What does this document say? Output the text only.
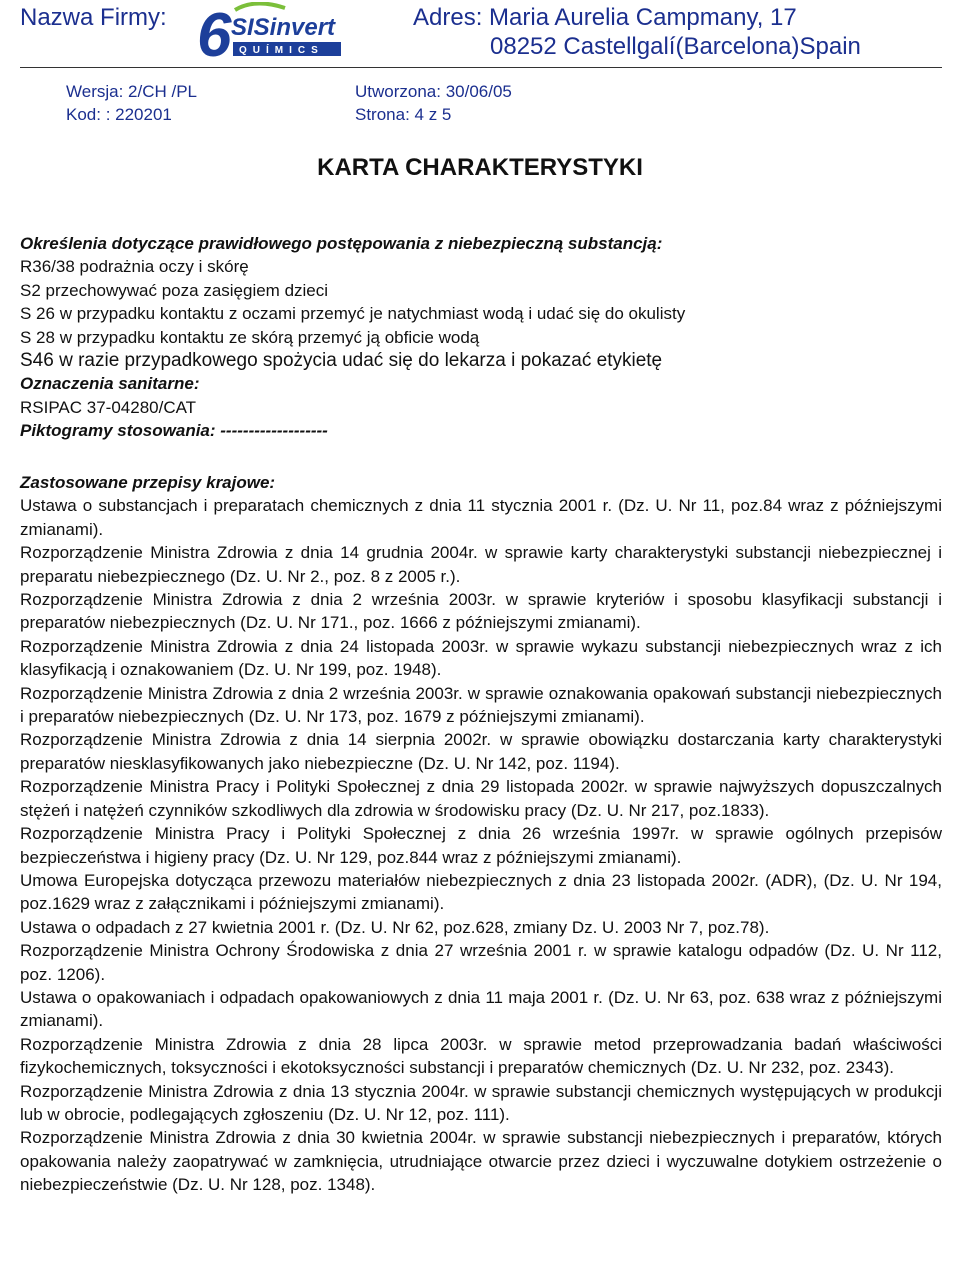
Nazwa Firmy: 6 SISinvert
QUÍMICS
Adres: Maria Aurelia Campmany, 17
08252 Castellgalí(Barcelona)Spain
Wersja: 2/CH /PL
Kod: : 220201
Utworzona: 30/06/05
Strona: 4 z 5
KARTA CHARAKTERYSTYKI
Określenia dotyczące prawidłowego postępowania z niebezpieczną substancją:
R36/38 podrażnia oczy i skórę
S2 przechowywać poza zasięgiem dzieci
S 26 w przypadku kontaktu z oczami przemyć je natychmiast wodą i udać się do okulisty
S 28 w przypadku kontaktu ze skórą przemyć ją obficie wodą
S46 w razie przypadkowego spożycia udać się do lekarza i pokazać etykietę
Oznaczenia sanitarne:
RSIPAC 37-04280/CAT
Piktogramy stosowania: -------------------
Zastosowane przepisy krajowe:
Ustawa o substancjach i preparatach chemicznych z dnia 11 stycznia 2001 r. (Dz. U. Nr 11, poz.84 wraz z późniejszymi zmianami).
Rozporządzenie Ministra Zdrowia z dnia 14 grudnia 2004r. w sprawie karty charakterystyki substancji niebezpiecznej i preparatu niebezpiecznego (Dz. U. Nr 2., poz. 8 z 2005 r.).
Rozporządzenie Ministra Zdrowia z dnia 2 września 2003r. w sprawie kryteriów i sposobu klasyfikacji substancji i preparatów niebezpiecznych (Dz. U. Nr 171., poz. 1666 z późniejszymi zmianami).
Rozporządzenie Ministra Zdrowia z dnia 24 listopada 2003r. w sprawie wykazu substancji niebezpiecznych wraz z ich klasyfikacją i oznakowaniem (Dz. U. Nr 199, poz. 1948).
Rozporządzenie Ministra Zdrowia z dnia 2 września 2003r. w sprawie oznakowania opakowań substancji niebezpiecznych i preparatów niebezpiecznych (Dz. U. Nr 173, poz. 1679 z późniejszymi zmianami).
Rozporządzenie Ministra Zdrowia z dnia 14 sierpnia 2002r. w sprawie obowiązku dostarczania karty charakterystyki preparatów niesklasyfikowanych jako niebezpieczne (Dz. U. Nr 142, poz. 1194).
Rozporządzenie Ministra Pracy i Polityki Społecznej z dnia 29 listopada 2002r. w sprawie najwyższych dopuszczalnych stężeń i natężeń czynników szkodliwych dla zdrowia w środowisku pracy (Dz. U. Nr 217, poz.1833).
Rozporządzenie Ministra Pracy i Polityki Społecznej z dnia 26 września 1997r. w sprawie ogólnych przepisów bezpieczeństwa i higieny pracy (Dz. U. Nr 129, poz.844 wraz z późniejszymi zmianami).
Umowa Europejska dotycząca przewozu materiałów niebezpiecznych z dnia 23 listopada 2002r. (ADR), (Dz. U. Nr 194, poz.1629 wraz z załącznikami i późniejszymi zmianami).
Ustawa o odpadach z 27 kwietnia 2001 r. (Dz. U. Nr 62, poz.628, zmiany Dz. U. 2003 Nr 7, poz.78).
Rozporządzenie Ministra Ochrony Środowiska z dnia 27 września 2001 r. w sprawie katalogu odpadów (Dz. U. Nr 112, poz. 1206).
Ustawa o opakowaniach i odpadach opakowaniowych z dnia 11 maja 2001 r. (Dz. U. Nr 63, poz. 638 wraz z późniejszymi zmianami).
Rozporządzenie Ministra Zdrowia z dnia 28 lipca 2003r. w sprawie metod przeprowadzania badań właściwości fizykochemicznych, toksyczności i ekotoksyczności substancji i preparatów chemicznych (Dz. U. Nr 232, poz. 2343).
Rozporządzenie Ministra Zdrowia z dnia 13 stycznia 2004r. w sprawie substancji chemicznych występujących w produkcji lub w obrocie, podlegających zgłoszeniu (Dz. U. Nr 12, poz. 111).
Rozporządzenie Ministra Zdrowia z dnia 30 kwietnia 2004r. w sprawie substancji niebezpiecznych i preparatów, których opakowania należy zaopatrywać w zamknięcia, utrudniające otwarcie przez dzieci i wyczuwalne dotykiem ostrzeżenie o niebezpieczeństwie (Dz. U. Nr 128, poz. 1348).
